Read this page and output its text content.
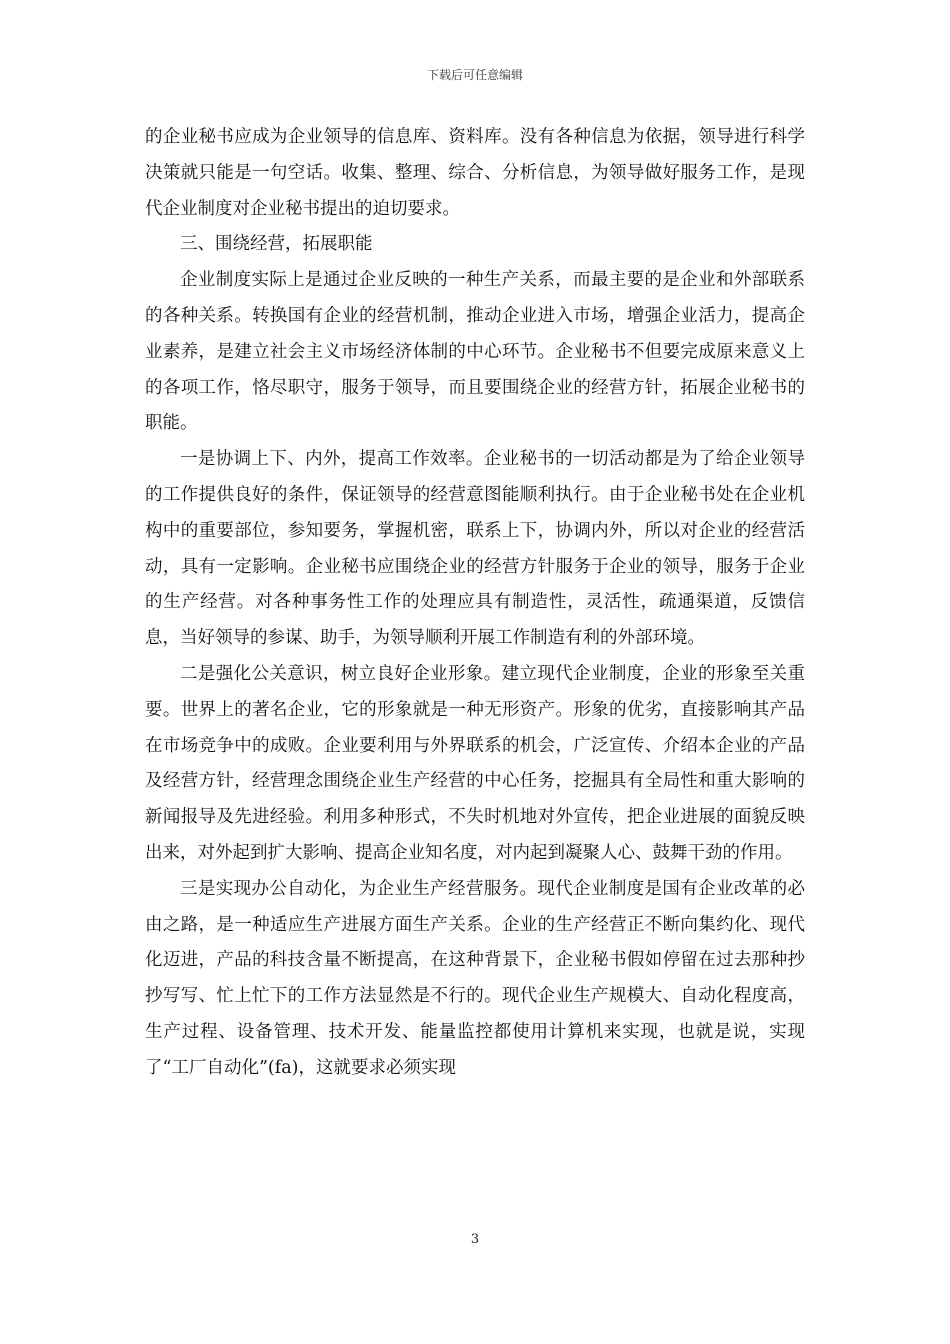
下载后可任意编辑

的企业秘书应成为企业领导的信息库、资料库。没有各种信息为依据，领导进行科学决策就只能是一句空话。收集、整理、综合、分析信息，为领导做好服务工作，是现代企业制度对企业秘书提出的迫切要求。

三、围绕经营，拓展职能

企业制度实际上是通过企业反映的一种生产关系，而最主要的是企业和外部联系的各种关系。转换国有企业的经营机制，推动企业进入市场，增强企业活力，提高企业素养，是建立社会主义市场经济体制的中心环节。企业秘书不但要完成原来意义上的各项工作，恪尽职守，服务于领导，而且要围绕企业的经营方针，拓展企业秘书的职能。

一是协调上下、内外，提高工作效率。企业秘书的一切活动都是为了给企业领导的工作提供良好的条件，保证领导的经营意图能顺利执行。由于企业秘书处在企业机构中的重要部位，参知要务，掌握机密，联系上下，协调内外，所以对企业的经营活动，具有一定影响。企业秘书应围绕企业的经营方针服务于企业的领导，服务于企业的生产经营。对各种事务性工作的处理应具有制造性，灵活性，疏通渠道，反馈信息，当好领导的参谋、助手，为领导顺利开展工作制造有利的外部环境。

二是强化公关意识，树立良好企业形象。建立现代企业制度，企业的形象至关重要。世界上的著名企业，它的形象就是一种无形资产。形象的优劣，直接影响其产品在市场竞争中的成败。企业要利用与外界联系的机会，广泛宣传、介绍本企业的产品及经营方针，经营理念围绕企业生产经营的中心任务，挖掘具有全局性和重大影响的新闻报导及先进经验。利用多种形式，不失时机地对外宣传，把企业进展的面貌反映出来，对外起到扩大影响、提高企业知名度，对内起到凝聚人心、鼓舞干劲的作用。

三是实现办公自动化，为企业生产经营服务。现代企业制度是国有企业改革的必由之路，是一种适应生产进展方面生产关系。企业的生产经营正不断向集约化、现代化迈进，产品的科技含量不断提高，在这种背景下，企业秘书假如停留在过去那种抄抄写写、忙上忙下的工作方法显然是不行的。现代企业生产规模大、自动化程度高，生产过程、设备管理、技术开发、能量监控都使用计算机来实现，也就是说，实现了“工厂自动化”(fa)，这就要求必须实现

3
